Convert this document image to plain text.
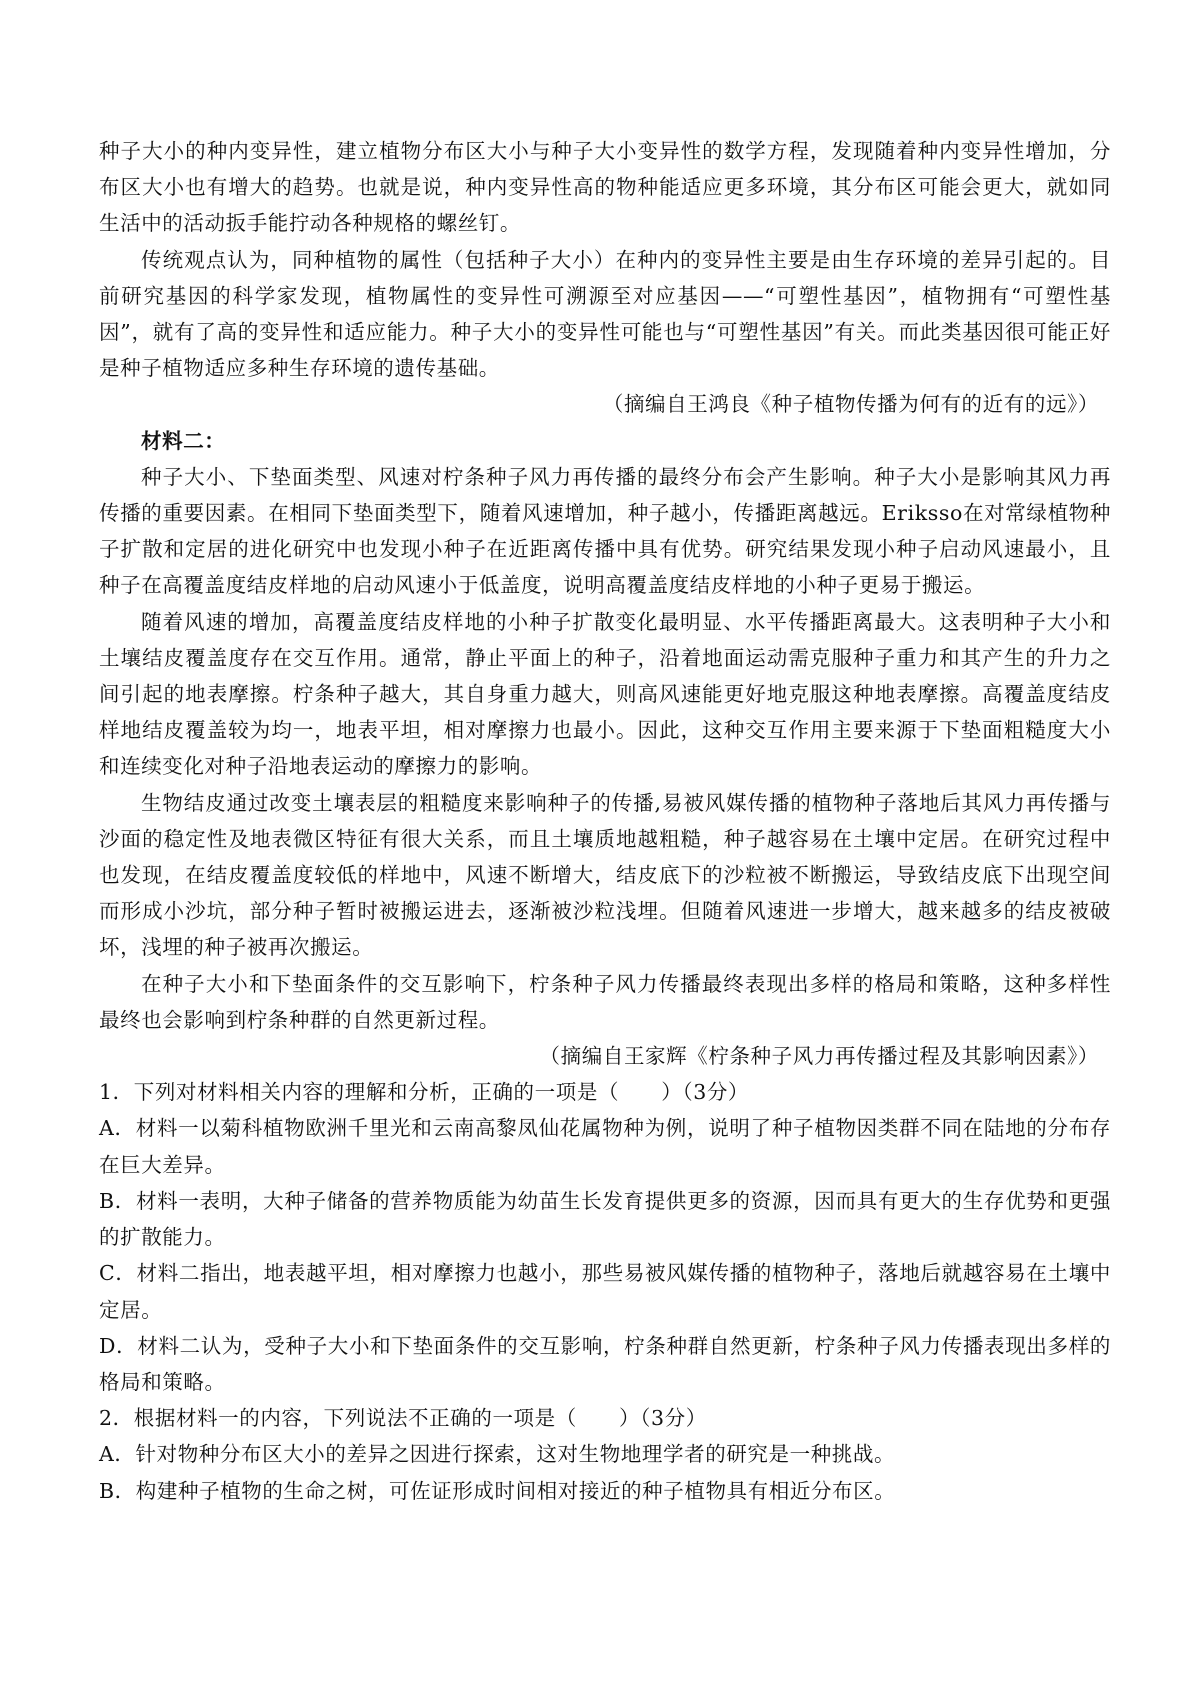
种子大小的种内变异性，建立植物分布区大小与种子大小变异性的数学方程，发现随着种内变异性增加，分布区大小也有增大的趋势。也就是说，种内变异性高的物种能适应更多环境，其分布区可能会更大，就如同生活中的活动扳手能拧动各种规格的螺丝钉。

传统观点认为，同种植物的属性（包括种子大小）在种内的变异性主要是由生存环境的差异引起的。目前研究基因的科学家发现，植物属性的变异性可溯源至对应基因——“可塑性基因”，植物拥有“可塑性基因”，就有了高的变异性和适应能力。种子大小的变异性可能也与“可塑性基因”有关。而此类基因很可能正好是种子植物适应多种生存环境的遗传基础。

（摘编自王鸿良《种子植物传播为何有的近有的远》）

材料二：

种子大小、下垫面类型、风速对柠条种子风力再传播的最终分布会产生影响。种子大小是影响其风力再传播的重要因素。在相同下垫面类型下，随着风速增加，种子越小，传播距离越远。Eriksso在对常绿植物种子扩散和定居的进化研究中也发现小种子在近距离传播中具有优势。研究结果发现小种子启动风速最小，且种子在高覆盖度结皮样地的启动风速小于低盖度，说明高覆盖度结皮样地的小种子更易于搬运。

随着风速的增加，高覆盖度结皮样地的小种子扩散变化最明显、水平传播距离最大。这表明种子大小和土壤结皮覆盖度存在交互作用。通常，静止平面上的种子，沿着地面运动需克服种子重力和其产生的升力之间引起的地表摩擦。柠条种子越大，其自身重力越大，则高风速能更好地克服这种地表摩擦。高覆盖度结皮样地结皮覆盖较为均一，地表平坦，相对摩擦力也最小。因此，这种交互作用主要来源于下垫面粗糙度大小和连续变化对种子沿地表运动的摩擦力的影响。

生物结皮通过改变土壤表层的粗糙度来影响种子的传播,易被风媒传播的植物种子落地后其风力再传播与沙面的稳定性及地表微区特征有很大关系，而且土壤质地越粗糙，种子越容易在土壤中定居。在研究过程中也发现，在结皮覆盖度较低的样地中，风速不断增大，结皮底下的沙粒被不断搬运，导致结皮底下出现空间而形成小沙坑，部分种子暂时被搬运进去，逐渐被沙粒浅埋。但随着风速进一步增大，越来越多的结皮被破坏，浅埋的种子被再次搬运。

在种子大小和下垫面条件的交互影响下，柠条种子风力传播最终表现出多样的格局和策略，这种多样性最终也会影响到柠条种群的自然更新过程。

（摘编自王家辉《柠条种子风力再传播过程及其影响因素》）

1．下列对材料相关内容的理解和分析，正确的一项是（　　）（3分）

A．材料一以菊科植物欧洲千里光和云南高黎凤仙花属物种为例，说明了种子植物因类群不同在陆地的分布存在巨大差异。

B．材料一表明，大种子储备的营养物质能为幼苗生长发育提供更多的资源，因而具有更大的生存优势和更强的扩散能力。

C．材料二指出，地表越平坦，相对摩擦力也越小，那些易被风媒传播的植物种子，落地后就越容易在土壤中定居。

D．材料二认为，受种子大小和下垫面条件的交互影响，柠条种群自然更新，柠条种子风力传播表现出多样的格局和策略。

2．根据材料一的内容，下列说法不正确的一项是（　　）（3分）

A．针对物种分布区大小的差异之因进行探索，这对生物地理学者的研究是一种挑战。

B．构建种子植物的生命之树，可佐证形成时间相对接近的种子植物具有相近分布区。
